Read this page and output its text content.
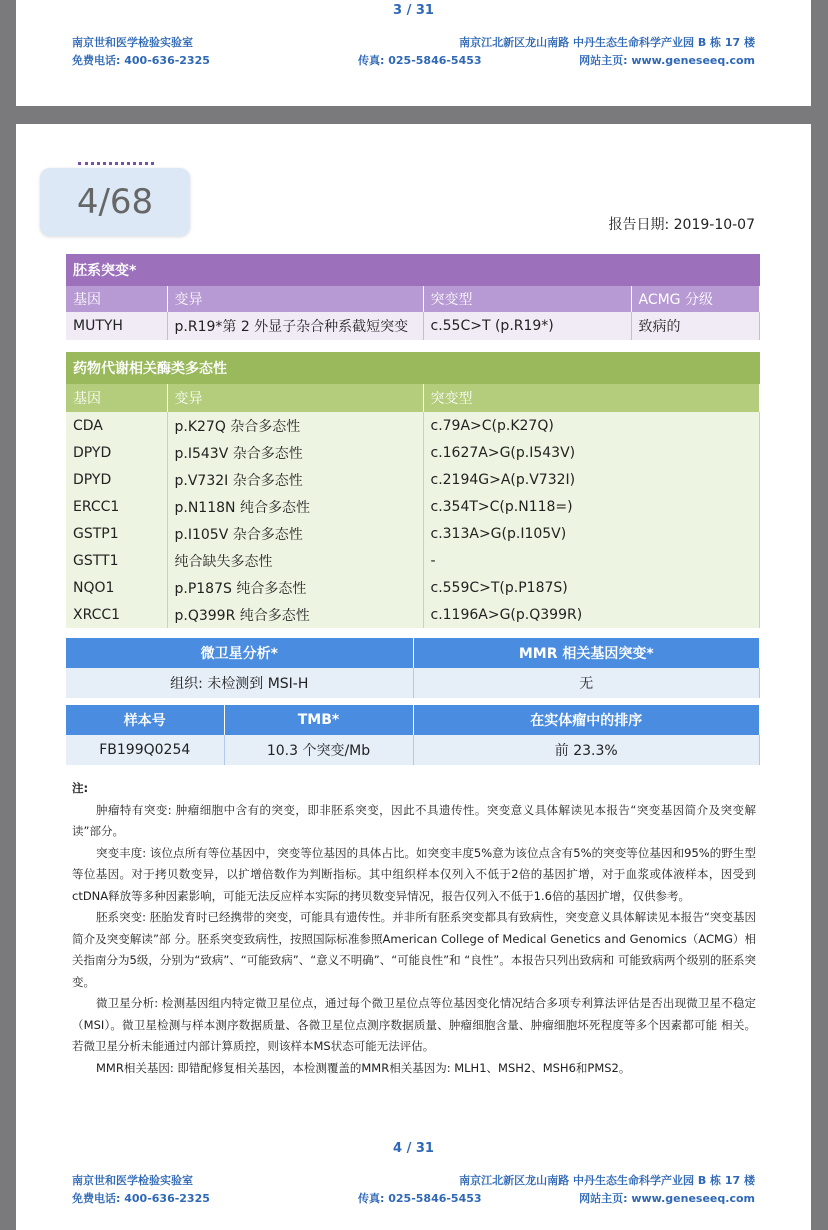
3 / 31
南京世和医学检验实验室
免费电话: 400-636-2325	传真: 025-5846-5453
南京江北新区龙山南路 中丹生态生命科学产业园 B 栋 17 楼
网站主页: www.geneseeq.com
4/68
报告日期: 2019-10-07
胚系突变*			
基因	变异	突变型	ACMG 分级
MUTYH	p.R19*第 2 外显子杂合种系截短突变	c.55C>T (p.R19*)	致病的
药物代谢相关酶类多态性		
基因	变异	突变型
CDA	p.K27Q 杂合多态性	c.79A>C(p.K27Q)
DPYD	p.I543V 杂合多态性	c.1627A>G(p.I543V)
DPYD	p.V732I 杂合多态性	c.2194G>A(p.V732I)
ERCC1	p.N118N 纯合多态性	c.354T>C(p.N118=)
GSTP1	p.I105V 杂合多态性	c.313A>G(p.I105V)
GSTT1	纯合缺失多态性	-
NQO1	p.P187S 纯合多态性	c.559C>T(p.P187S)
XRCC1	p.Q399R 纯合多态性	c.1196A>G(p.Q399R)
微卫星分析*	MMR 相关基因突变*
组织: 未检测到 MSI-H	无
样本号	TMB*	在实体瘤中的排序
FB199Q0254	10.3 个突变/Mb	前 23.3%

注:

肿瘤特有突变: 肿瘤细胞中含有的突变，即非胚系突变，因此不具遗传性。突变意义具体解读见本报告“突变基因简介及突变解读”部分。

突变丰度: 该位点所有等位基因中，突变等位基因的具体占比。如突变丰度5%意为该位点含有5%的突变等位基因和95%的野生型等位基因。对于拷贝数变异，以扩增倍数作为判断指标。其中组织样本仅列入不低于2倍的基因扩增，对于血浆或体液样本，因受到ctDNA释放等多种因素影响，可能无法反应样本实际的拷贝数变异情况，报告仅列入不低于1.6倍的基因扩增，仅供参考。

胚系突变: 胚胎发育时已经携带的突变，可能具有遗传性。并非所有胚系突变都具有致病性，突变意义具体解读见本报告“突变基因简介及突变解读”部 分。胚系突变致病性，按照国际标准参照American College of Medical Genetics and Genomics（ACMG）相关指南分为5级，分别为“致病”、“可能致病”、“意义不明确”、“可能良性”和 “良性”。本报告只列出致病和 可能致病两个级别的胚系突变。

微卫星分析: 检测基因组内特定微卫星位点，通过每个微卫星位点等位基因变化情况结合多项专利算法评估是否出现微卫星不稳定（MSI）。微卫星检测与样本测序数据质量、各微卫星位点测序数据质量、肿瘤细胞含量、肿瘤细胞坏死程度等多个因素都可能 相关。若微卫星分析未能通过内部计算质控，则该样本MS状态可能无法评估。

MMR相关基因: 即错配修复相关基因，本检测覆盖的MMR相关基因为: MLH1、MSH2、MSH6和PMS2。

4 / 31
南京世和医学检验实验室
免费电话: 400-636-2325	传真: 025-5846-5453
南京江北新区龙山南路 中丹生态生命科学产业园 B 栋 17 楼
网站主页: www.geneseeq.com
